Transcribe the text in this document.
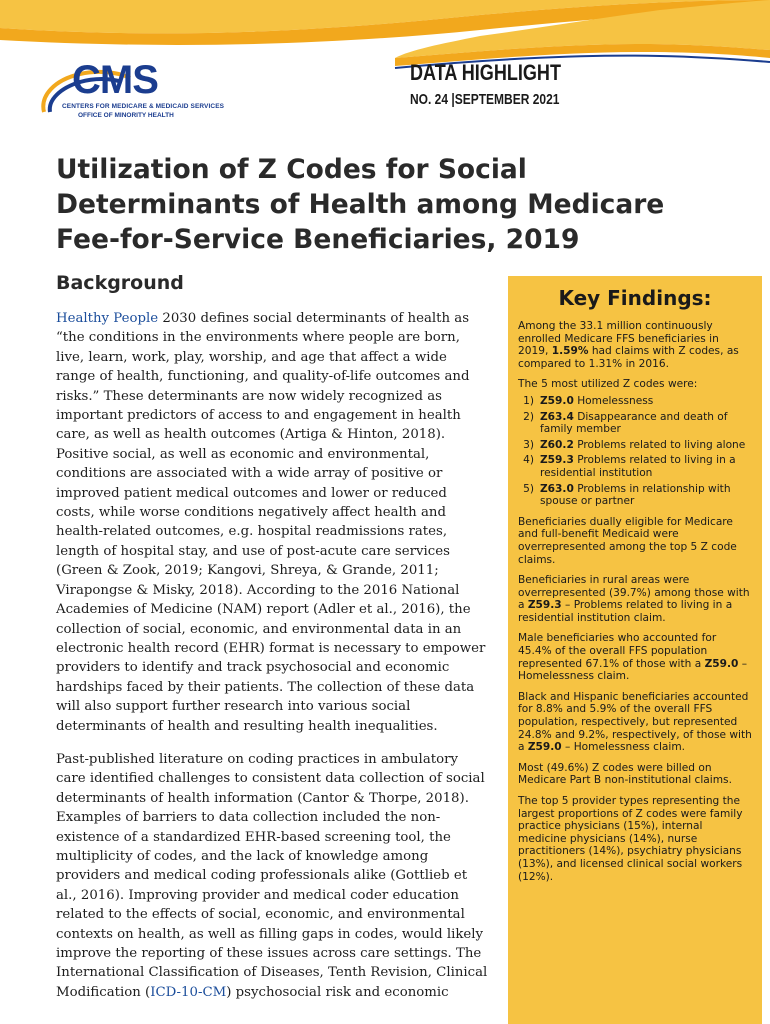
CMS
CENTERS FOR MEDICARE & MEDICAID SERVICES
OFFICE OF MINORITY HEALTH
DATA HIGHLIGHT
NO. 24 |SEPTEMBER 2021
Utilization of Z Codes for Social Determinants of Health among Medicare Fee-for-Service Beneficiaries, 2019
Background

Healthy People 2030 defines social determinants of health as “the conditions in the environments where people are born, live, learn, work, play, worship, and age that affect a wide range of health, functioning, and quality-of-life outcomes and risks.” These determinants are now widely recognized as important predictors of access to and engagement in health care, as well as health outcomes (Artiga & Hinton, 2018). Positive social, as well as economic and environmental, conditions are associated with a wide array of positive or improved patient medical outcomes and lower or reduced costs, while worse conditions negatively affect health and health-related outcomes, e.g. hospital readmissions rates, length of hospital stay, and use of post-acute care services (Green & Zook, 2019; Kangovi, Shreya, & Grande, 2011; Virapongse & Misky, 2018). According to the 2016 National Academies of Medicine (NAM) report (Adler et al., 2016), the collection of social, economic, and environmental data in an electronic health record (EHR) format is necessary to empower providers to identify and track psychosocial and economic hardships faced by their patients. The collection of these data will also support further research into various social determinants of health and resulting health inequalities.

Past-published literature on coding practices in ambulatory care identified challenges to consistent data collection of social determinants of health information (Cantor & Thorpe, 2018). Examples of barriers to data collection included the non-existence of a standardized EHR-based screening tool, the multiplicity of codes, and the lack of knowledge among providers and medical coding professionals alike (Gottlieb et al., 2016). Improving provider and medical coder education related to the effects of social, economic, and environmental contexts on health, as well as filling gaps in codes, would likely improve the reporting of these issues across care settings. The International Classification of Diseases, Tenth Revision, Clinical Modification (ICD-10-CM) psychosocial risk and economic

Key Findings:

Among the 33.1 million continuously enrolled Medicare FFS beneficiaries in 2019, 1.59% had claims with Z codes, as compared to 1.31% in 2016.

The 5 most utilized Z codes were:

1) Z59.0 Homelessness
2) Z63.4 Disappearance and death of family member
3) Z60.2 Problems related to living alone
4) Z59.3 Problems related to living in a residential institution
5) Z63.0 Problems in relationship with spouse or partner

Beneficiaries dually eligible for Medicare and full-benefit Medicaid were overrepresented among the top 5 Z code claims.

Beneficiaries in rural areas were overrepresented (39.7%) among those with a Z59.3 – Problems related to living in a residential institution claim.

Male beneficiaries who accounted for 45.4% of the overall FFS population represented 67.1% of those with a Z59.0 – Homelessness claim.

Black and Hispanic beneficiaries accounted for 8.8% and 5.9% of the overall FFS population, respectively, but represented 24.8% and 9.2%, respectively, of those with a Z59.0 – Homelessness claim.

Most (49.6%) Z codes were billed on Medicare Part B non-institutional claims.

The top 5 provider types representing the largest proportions of Z codes were family practice physicians (15%), internal medicine physicians (14%), nurse practitioners (14%), psychiatry physicians (13%), and licensed clinical social workers (12%).
